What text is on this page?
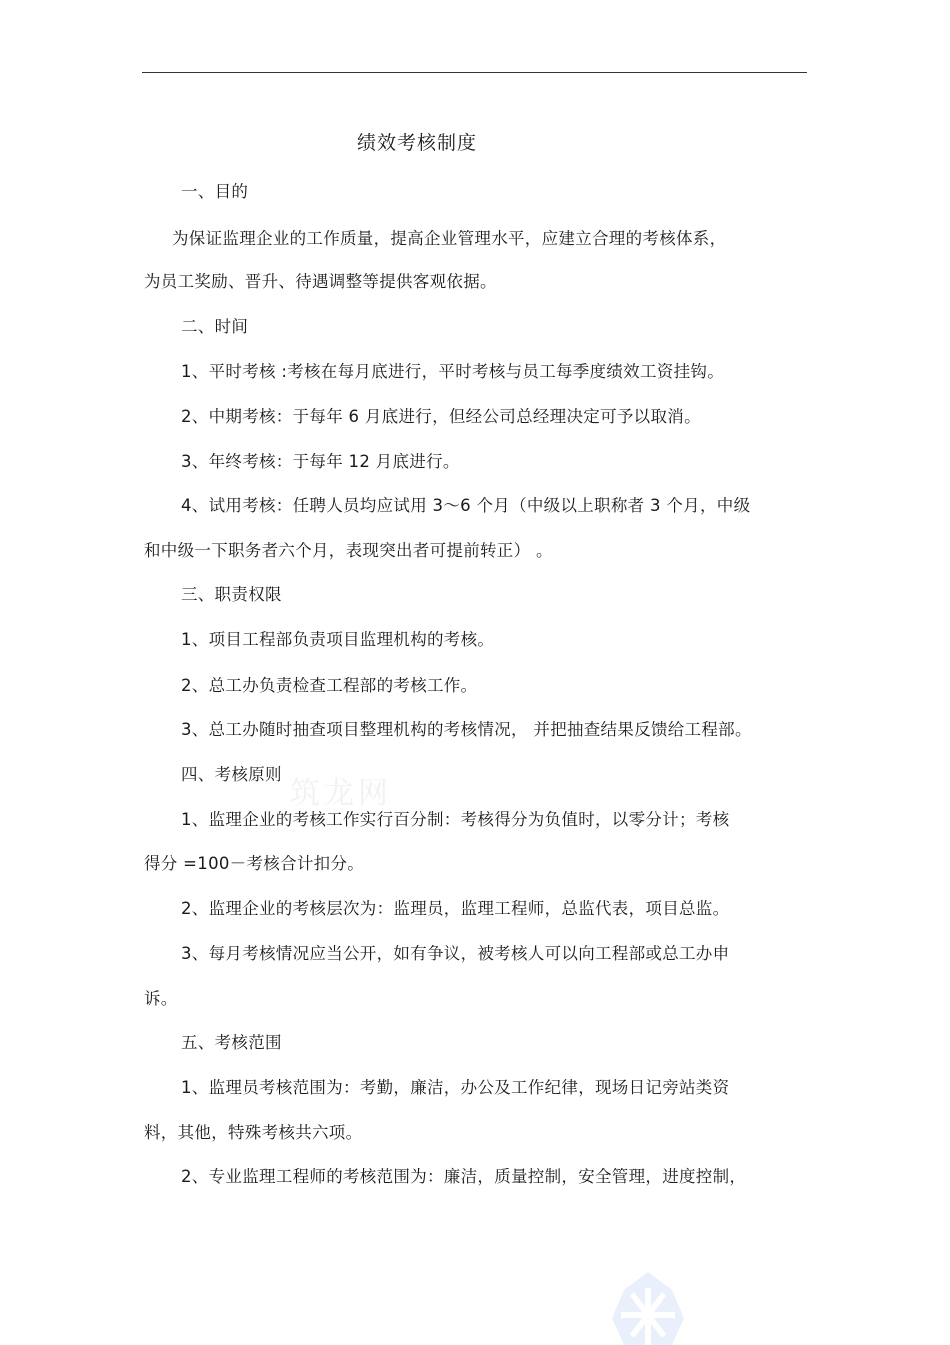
筑龙网
绩效考核制度
一、目的
为保证监理企业的工作质量，提高企业管理水平，应建立合理的考核体系，
为员工奖励、晋升、待遇调整等提供客观依据。
二、时间
1、平时考核 :考核在每月底进行，平时考核与员工每季度绩效工资挂钩。
2、中期考核：于每年 6 月底进行，但经公司总经理决定可予以取消。
3、年终考核：于每年 12 月底进行。
4、试用考核：任聘人员均应试用 3～6 个月（中级以上职称者 3 个月，中级
和中级一下职务者六个月，表现突出者可提前转正） 。
三、职责权限
1、项目工程部负责项目监理机构的考核。
2、总工办负责检查工程部的考核工作。
3、总工办随时抽查项目整理机构的考核情况， 并把抽查结果反馈给工程部。
四、考核原则
1、监理企业的考核工作实行百分制：考核得分为负值时，以零分计；考核
得分 =100－考核合计扣分。
2、监理企业的考核层次为：监理员，监理工程师，总监代表，项目总监。
3、每月考核情况应当公开，如有争议，被考核人可以向工程部或总工办申
诉。
五、考核范围
1、监理员考核范围为：考勤，廉洁，办公及工作纪律，现场日记旁站类资
料，其他，特殊考核共六项。
2、专业监理工程师的考核范围为：廉洁，质量控制，安全管理，进度控制，
